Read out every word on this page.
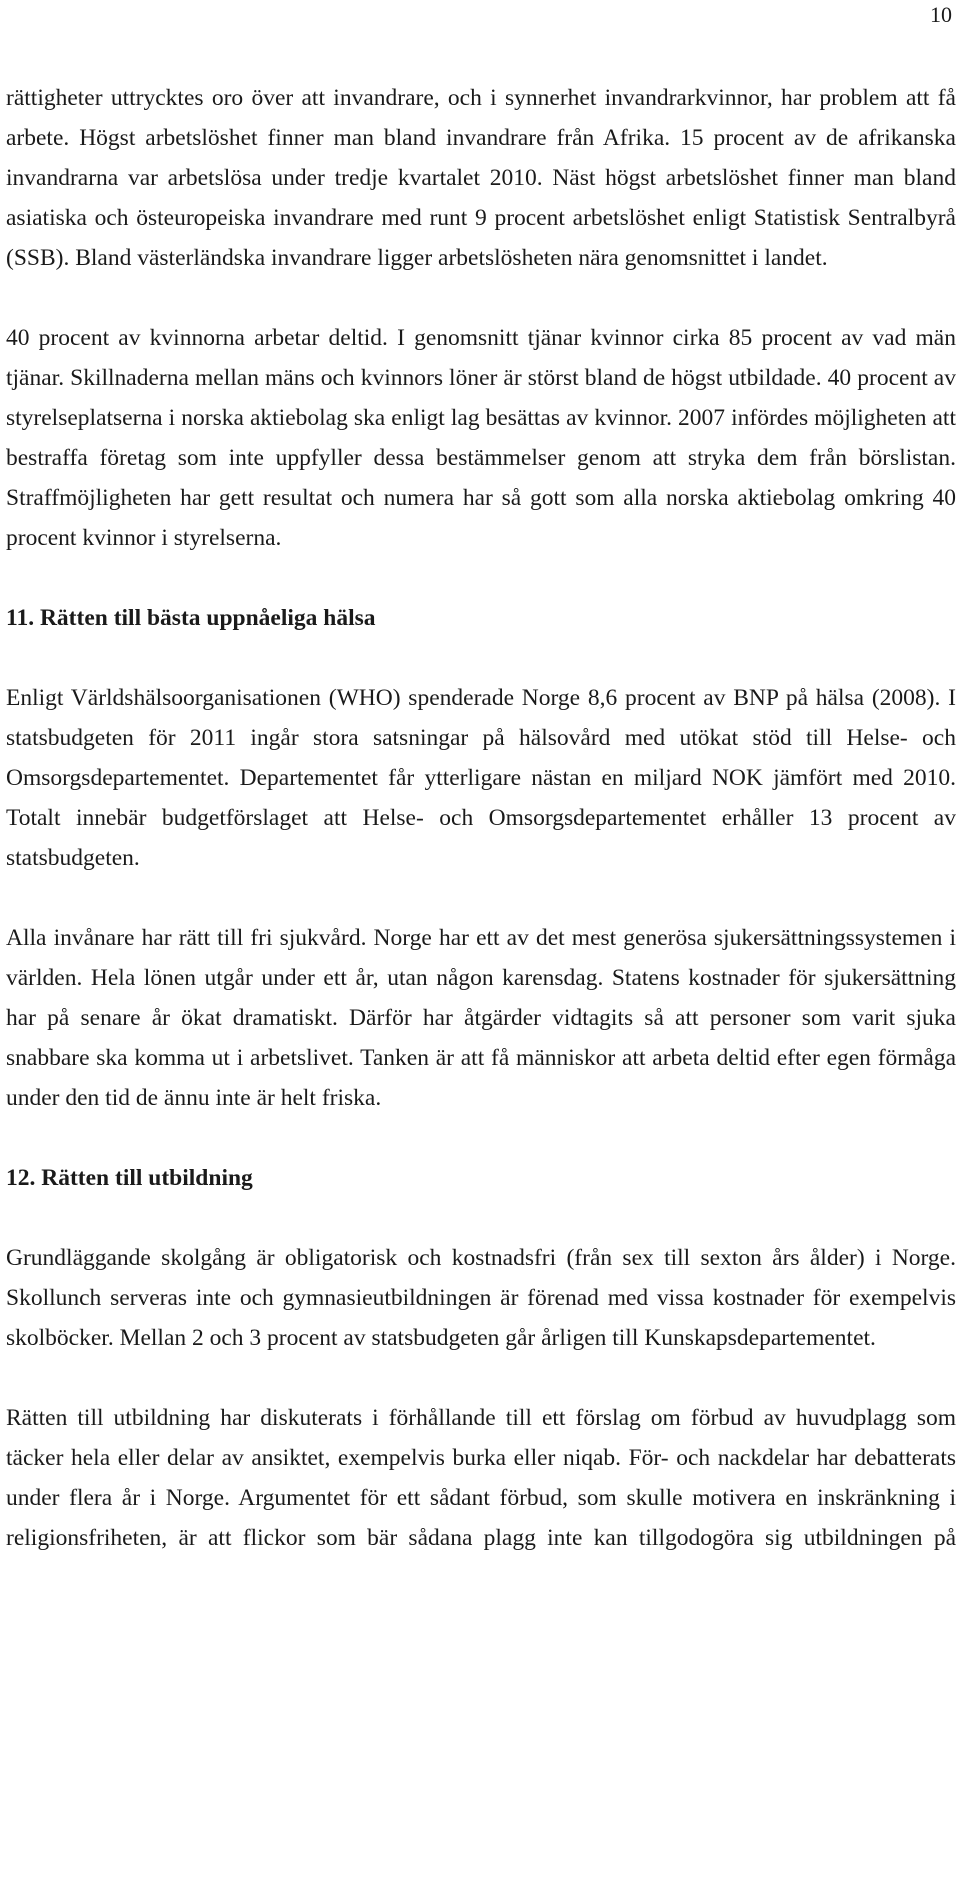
10

rättigheter uttrycktes oro över att invandrare, och i synnerhet invandrarkvinnor, har problem att få arbete. Högst arbetslöshet finner man bland invandrare från Afrika. 15 procent av de afrikanska invandrarna var arbetslösa under tredje kvartalet 2010. Näst högst arbetslöshet finner man bland asiatiska och östeuropeiska invandrare med runt 9 procent arbetslöshet enligt Statistisk Sentralbyrå (SSB). Bland västerländska invandrare ligger arbetslösheten nära genomsnittet i landet.

40 procent av kvinnorna arbetar deltid. I genomsnitt tjänar kvinnor cirka 85 procent av vad män tjänar. Skillnaderna mellan mäns och kvinnors löner är störst bland de högst utbildade. 40 procent av styrelseplatserna i norska aktiebolag ska enligt lag besättas av kvinnor. 2007 infördes möjligheten att bestraffa företag som inte uppfyller dessa bestämmelser genom att stryka dem från börslistan. Straffmöjligheten har gett resultat och numera har så gott som alla norska aktiebolag omkring 40 procent kvinnor i styrelserna.

11. Rätten till bästa uppnåeliga hälsa

Enligt Världshälsoorganisationen (WHO) spenderade Norge 8,6 procent av BNP på hälsa (2008). I statsbudgeten för 2011 ingår stora satsningar på hälsovård med utökat stöd till Helse- och Omsorgsdepartementet. Departementet får ytterligare nästan en miljard NOK jämfört med 2010. Totalt innebär budgetförslaget att Helse- och Omsorgsdepartementet erhåller 13 procent av statsbudgeten.

Alla invånare har rätt till fri sjukvård. Norge har ett av det mest generösa sjukersättningssystemen i världen. Hela lönen utgår under ett år, utan någon karensdag. Statens kostnader för sjukersättning har på senare år ökat dramatiskt. Därför har åtgärder vidtagits så att personer som varit sjuka snabbare ska komma ut i arbetslivet. Tanken är att få människor att arbeta deltid efter egen förmåga under den tid de ännu inte är helt friska.

12. Rätten till utbildning

Grundläggande skolgång är obligatorisk och kostnadsfri (från sex till sexton års ålder) i Norge. Skollunch serveras inte och gymnasieutbildningen är förenad med vissa kostnader för exempelvis skolböcker. Mellan 2 och 3 procent av statsbudgeten går årligen till Kunskapsdepartementet.

Rätten till utbildning har diskuterats i förhållande till ett förslag om förbud av huvudplagg som täcker hela eller delar av ansiktet, exempelvis burka eller niqab. För- och nackdelar har debatterats under flera år i Norge. Argumentet för ett sådant förbud, som skulle motivera en inskränkning i religionsfriheten, är att flickor som bär sådana plagg inte kan tillgodogöra sig utbildningen på
